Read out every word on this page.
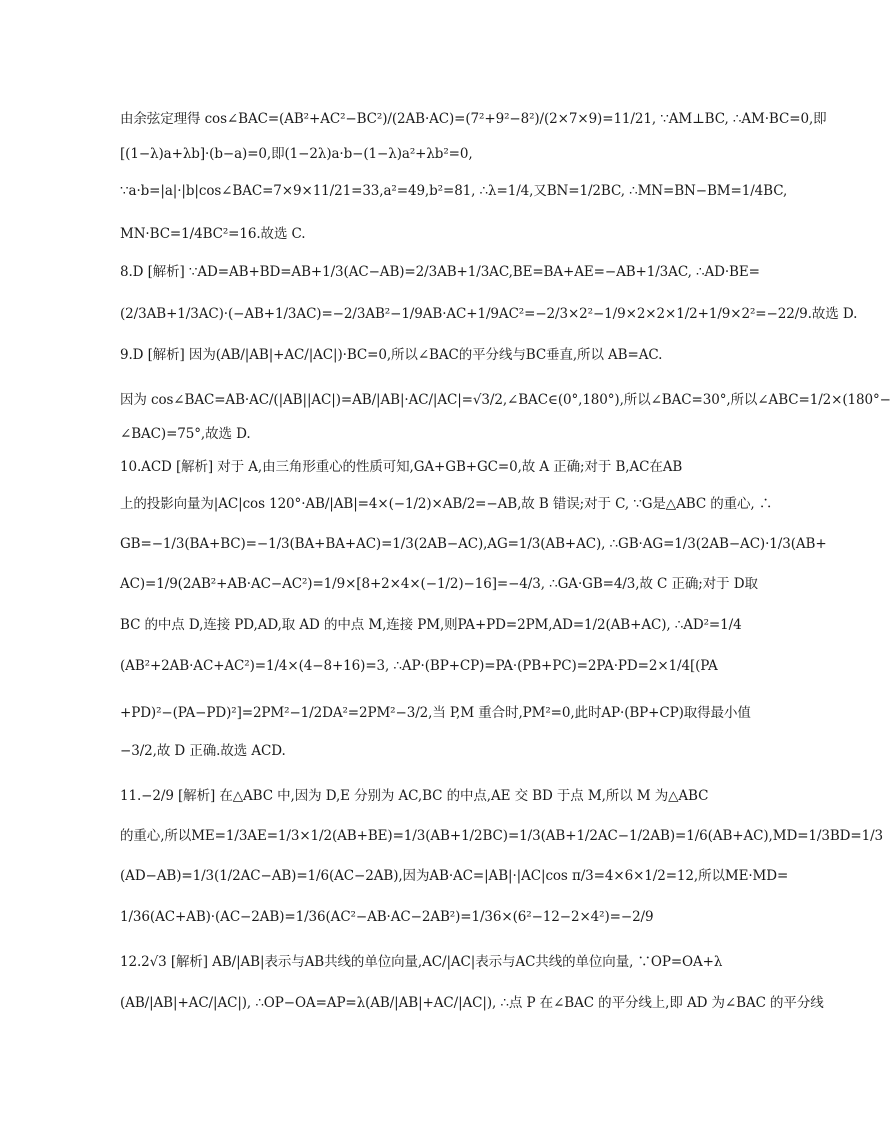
由余弦定理得 cos∠BAC=(AB²+AC²−BC²)/(2AB·AC)=(7²+9²−8²)/(2×7×9)=11/21, ∵AM⊥BC, ∴AM·BC=0,即
[(1−λ)a+λb]·(b−a)=0,即(1−2λ)a·b−(1−λ)a²+λb²=0,
∵a·b=|a|·|b|cos∠BAC=7×9×11/21=33,a²=49,b²=81, ∴λ=1/4,又BN=1/2BC, ∴MN=BN−BM=1/4BC,
MN·BC=1/4BC²=16.故选 C.
8.D [解析] ∵AD=AB+BD=AB+1/3(AC−AB)=2/3AB+1/3AC,BE=BA+AE=−AB+1/3AC, ∴AD·BE=
(2/3AB+1/3AC)·(−AB+1/3AC)=−2/3AB²−1/9AB·AC+1/9AC²=−2/3×2²−1/9×2×2×1/2+1/9×2²=−22/9.故选 D.
9.D [解析] 因为(AB/|AB|+AC/|AC|)·BC=0,所以∠BAC的平分线与BC垂直,所以 AB=AC.
因为 cos∠BAC=AB·AC/(|AB||AC|)=AB/|AB|·AC/|AC|=√3/2,∠BAC∈(0°,180°),所以∠BAC=30°,所以∠ABC=1/2×(180°−
∠BAC)=75°,故选 D.
10.ACD [解析] 对于 A,由三角形重心的性质可知,GA+GB+GC=0,故 A 正确;对于 B,AC在AB
上的投影向量为|AC|cos 120°·AB/|AB|=4×(−1/2)×AB/2=−AB,故 B 错误;对于 C, ∵G是△ABC 的重心, ∴
GB=−1/3(BA+BC)=−1/3(BA+BA+AC)=1/3(2AB−AC),AG=1/3(AB+AC), ∴GB·AG=1/3(2AB−AC)·1/3(AB+
AC)=1/9(2AB²+AB·AC−AC²)=1/9×[8+2×4×(−1/2)−16]=−4/3, ∴GA·GB=4/3,故 C 正确;对于 D取
BC 的中点 D,连接 PD,AD,取 AD 的中点 M,连接 PM,则PA+PD=2PM,AD=1/2(AB+AC), ∴AD²=1/4
(AB²+2AB·AC+AC²)=1/4×(4−8+16)=3, ∴AP·(BP+CP)=PA·(PB+PC)=2PA·PD=2×1/4[(PA
+PD)²−(PA−PD)²]=2PM²−1/2DA²=2PM²−3/2,当 P,M 重合时,PM²=0,此时AP·(BP+CP)取得最小值
−3/2,故 D 正确.故选 ACD.
11.−2/9 [解析] 在△ABC 中,因为 D,E 分别为 AC,BC 的中点,AE 交 BD 于点 M,所以 M 为△ABC
的重心,所以ME=1/3AE=1/3×1/2(AB+BE)=1/3(AB+1/2BC)=1/3(AB+1/2AC−1/2AB)=1/6(AB+AC),MD=1/3BD=1/3
(AD−AB)=1/3(1/2AC−AB)=1/6(AC−2AB),因为AB·AC=|AB|·|AC|cos π/3=4×6×1/2=12,所以ME·MD=
1/36(AC+AB)·(AC−2AB)=1/36(AC²−AB·AC−2AB²)=1/36×(6²−12−2×4²)=−2/9
12.2√3 [解析] AB/|AB|表示与AB共线的单位向量,AC/|AC|表示与AC共线的单位向量, ∵OP=OA+λ
(AB/|AB|+AC/|AC|), ∴OP−OA=AP=λ(AB/|AB|+AC/|AC|), ∴点 P 在∠BAC 的平分线上,即 AD 为∠BAC 的平分线
